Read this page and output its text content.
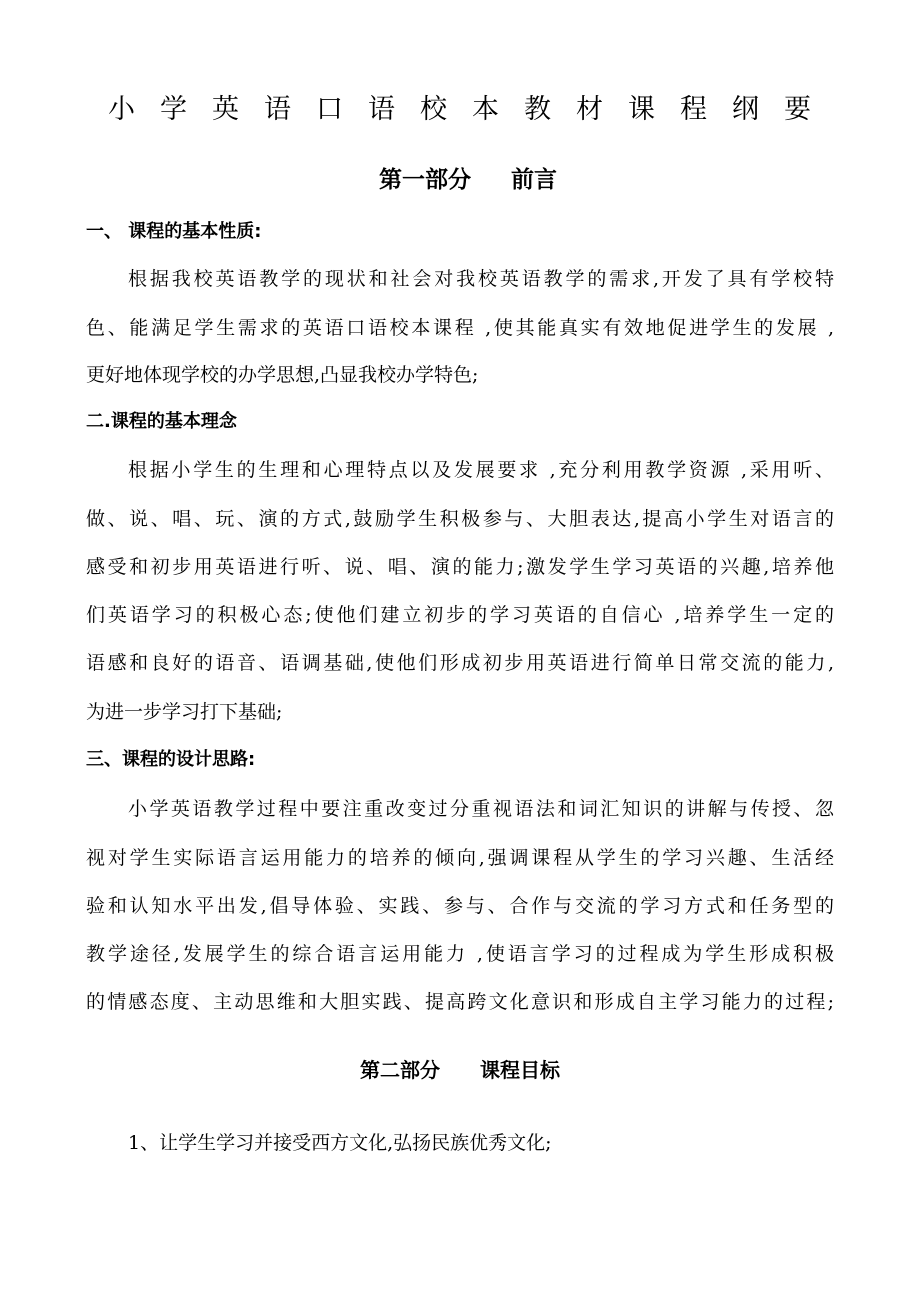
小学英语口语校本教材课程纲要
第一部分 前言
一、 课程的基本性质:
根据我校英语教学的现状和社会对我校英语教学的需求,开发了具有学校特
色、能满足学生需求的英语口语校本课程 ,使其能真实有效地促进学生的发展 ,
更好地体现学校的办学思想,凸显我校办学特色;
二.课程的基本理念
根据小学生的生理和心理特点以及发展要求 ,充分利用教学资源 ,采用听、
做、说、唱、玩、演的方式,鼓励学生积极参与、大胆表达,提高小学生对语言的
感受和初步用英语进行听、说、唱、演的能力;激发学生学习英语的兴趣,培养他
们英语学习的积极心态;使他们建立初步的学习英语的自信心 ,培养学生一定的
语感和良好的语音、语调基础,使他们形成初步用英语进行简单日常交流的能力,
为进一步学习打下基础;
三、课程的设计思路:
小学英语教学过程中要注重改变过分重视语法和词汇知识的讲解与传授、忽
视对学生实际语言运用能力的培养的倾向,强调课程从学生的学习兴趣、生活经
验和认知水平出发,倡导体验、实践、参与、合作与交流的学习方式和任务型的
教学途径,发展学生的综合语言运用能力 ,使语言学习的过程成为学生形成积极
的情感态度、主动思维和大胆实践、提高跨文化意识和形成自主学习能力的过程;
第二部分 课程目标
1、让学生学习并接受西方文化,弘扬民族优秀文化;
